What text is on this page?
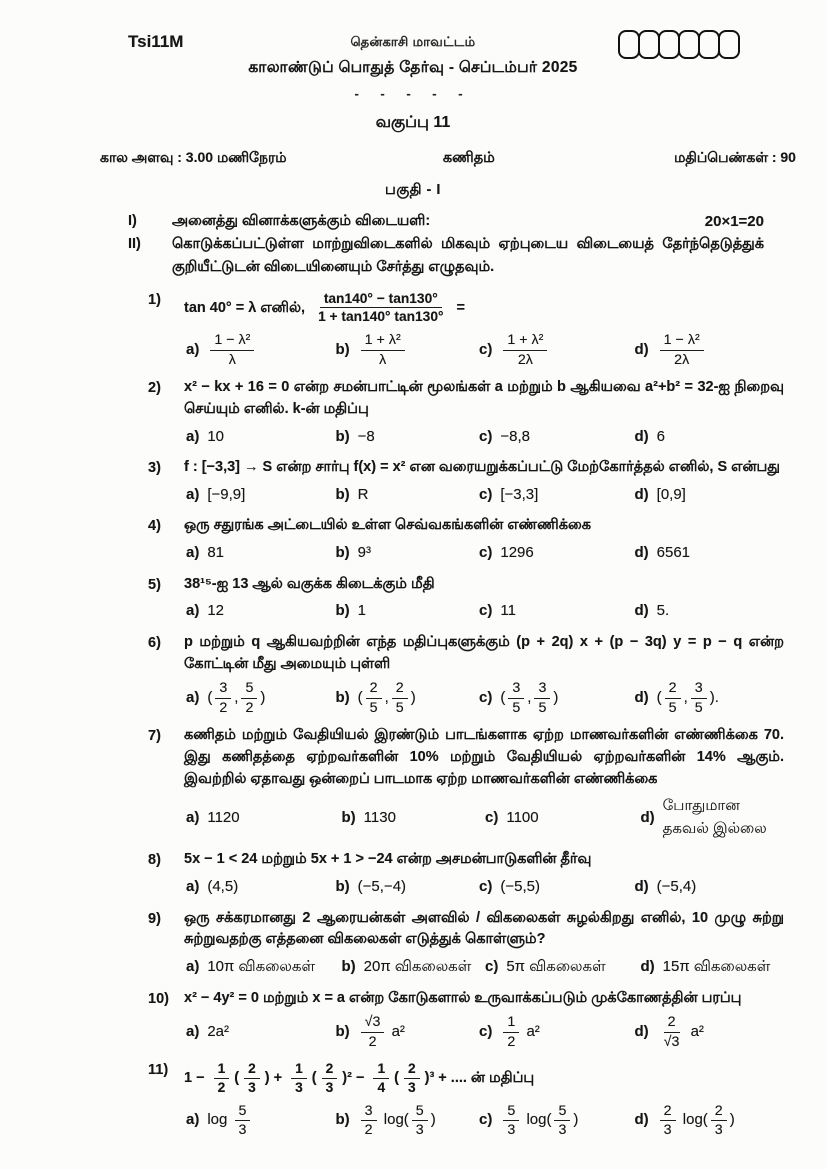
Tsi11M	தென்காசி மாவட்டம்
காலாண்டுப் பொதுத் தேர்வு - செப்டம்பர் 2025
- - - - -
வகுப்பு 11
கால அளவு : 3.00 மணிநேரம்	கணிதம்	மதிப்பெண்கள் : 90
பகுதி - I
I)	அனைத்து வினாக்களுக்கும் விடையளி:	20×1=20
II)	கொடுக்கப்பட்டுள்ள மாற்றுவிடைகளில் மிகவும் ஏற்புடைய விடையைத் தேர்ந்தெடுத்துக் குறியீட்டுடன் விடையினையும் சேர்த்து எழுதவும்.
1)
tan 40° = λ எனில், $\frac{\tan 140^\circ - \tan 130^\circ}{1 + \tan 140^\circ \tan 130^\circ}$ =
$a) \frac{\text{1 − λ²}}{\lambda}$	$b) \frac{\text{1 + λ²}}{\lambda}$	$c) \frac{\text{1 + λ²}}{2\lambda}$	$d) \frac{\text{1 − λ²}}{2\lambda}$
2)	x² − kx + 16 = 0 என்ற சமன்பாட்டின் மூலங்கள் a மற்றும் b ஆகியவை a²+b² = 32-ஐ நிறைவு செய்யும் எனில். k-ன் மதிப்பு
a) 10	b) −8	c) −8,8	d) 6
3)	f : [−3,3] → S என்ற சார்பு f(x) = x² என வரையறுக்கப்பட்டு மேற்கோர்த்தல் எனில், S என்பது
a) [−9,9]	b) R	c) [−3,3]	d) [0,9]
4)	ஒரு சதுரங்க அட்டையில் உள்ள செவ்வகங்களின் எண்ணிக்கை
a) 81	b) 9³	c) 1296	d) 6561
5)	38¹⁵-ஐ 13 ஆல் வகுக்க கிடைக்கும் மீதி
a) 12	b) 1	c) 11	d) 5.
6)	p மற்றும் q ஆகியவற்றின் எந்த மதிப்புகளுக்கும் (p + 2q) x + (p − 3q) y = p − q என்ற கோட்டின் மீது அமையும் புள்ளி
a) ( $\frac{3}{2}$ , $\frac{5}{2}$ )	b) ( $\frac{2}{5}$ , $\frac{2}{5}$ )	c) ( $\frac{3}{5}$ , $\frac{3}{5}$ )	d) ( $\frac{2}{5}$ , $\frac{3}{5}$ ).
7)	கணிதம் மற்றும் வேதியியல் இரண்டும் பாடங்களாக ஏற்ற மாணவர்களின் எண்ணிக்கை 70. இது கணிதத்தை ஏற்றவர்களின் 10% மற்றும் வேதியியல் ஏற்றவர்களின் 14% ஆகும். இவற்றில் ஏதாவது ஒன்றைப் பாடமாக ஏற்ற மாணவர்களின் எண்ணிக்கை
a) 1120	b) 1130	c) 1100	d)
போதுமான தகவல் இல்லை
8)	5x − 1 < 24 மற்றும் 5x + 1 > −24 என்ற அசமன்பாடுகளின் தீர்வு
a) (4,5)	b) (−5,−4)	c) (−5,5)	d) (−5,4)
9)	ஒரு சக்கரமானது 2 ஆரையன்கள் அளவில் / விகலைகள் சுழல்கிறது எனில், 10 முழு சுற்று சுற்றுவதற்கு எத்தனை விகலைகள் எடுத்துக் கொள்ளும்?
a) 10π விகலைகள் b) 20π விகலைகள் c) 5π விகலைகள் d) 15π விகலைகள்
10)	x² − 4y² = 0 மற்றும் x = a என்ற கோடுகளால் உருவாக்கப்படும் முக்கோணத்தின் பரப்பு
a) 2a²	$b) \frac{√3}{2} a^2$	$c) \frac{1}{2} a^2$	$d) \frac{2}{√3} a^2$
11)
$1 - \frac{1}{2}$ ( $\frac{2}{3}$ ) + $\frac{1}{3}$ ( $\frac{2}{3} )^2 - \frac{1}{4}$ ( $\frac{2}{3} )^3$ + .... ன் மதிப்பு
a) $\log \frac{5}{3}$	$b) \frac{3}{2} \log( \frac{5}{3}$ )	$c) \frac{5}{3} \log( \frac{5}{3}$ )	$d) \frac{2}{3} \log( \frac{2}{3}$ )
